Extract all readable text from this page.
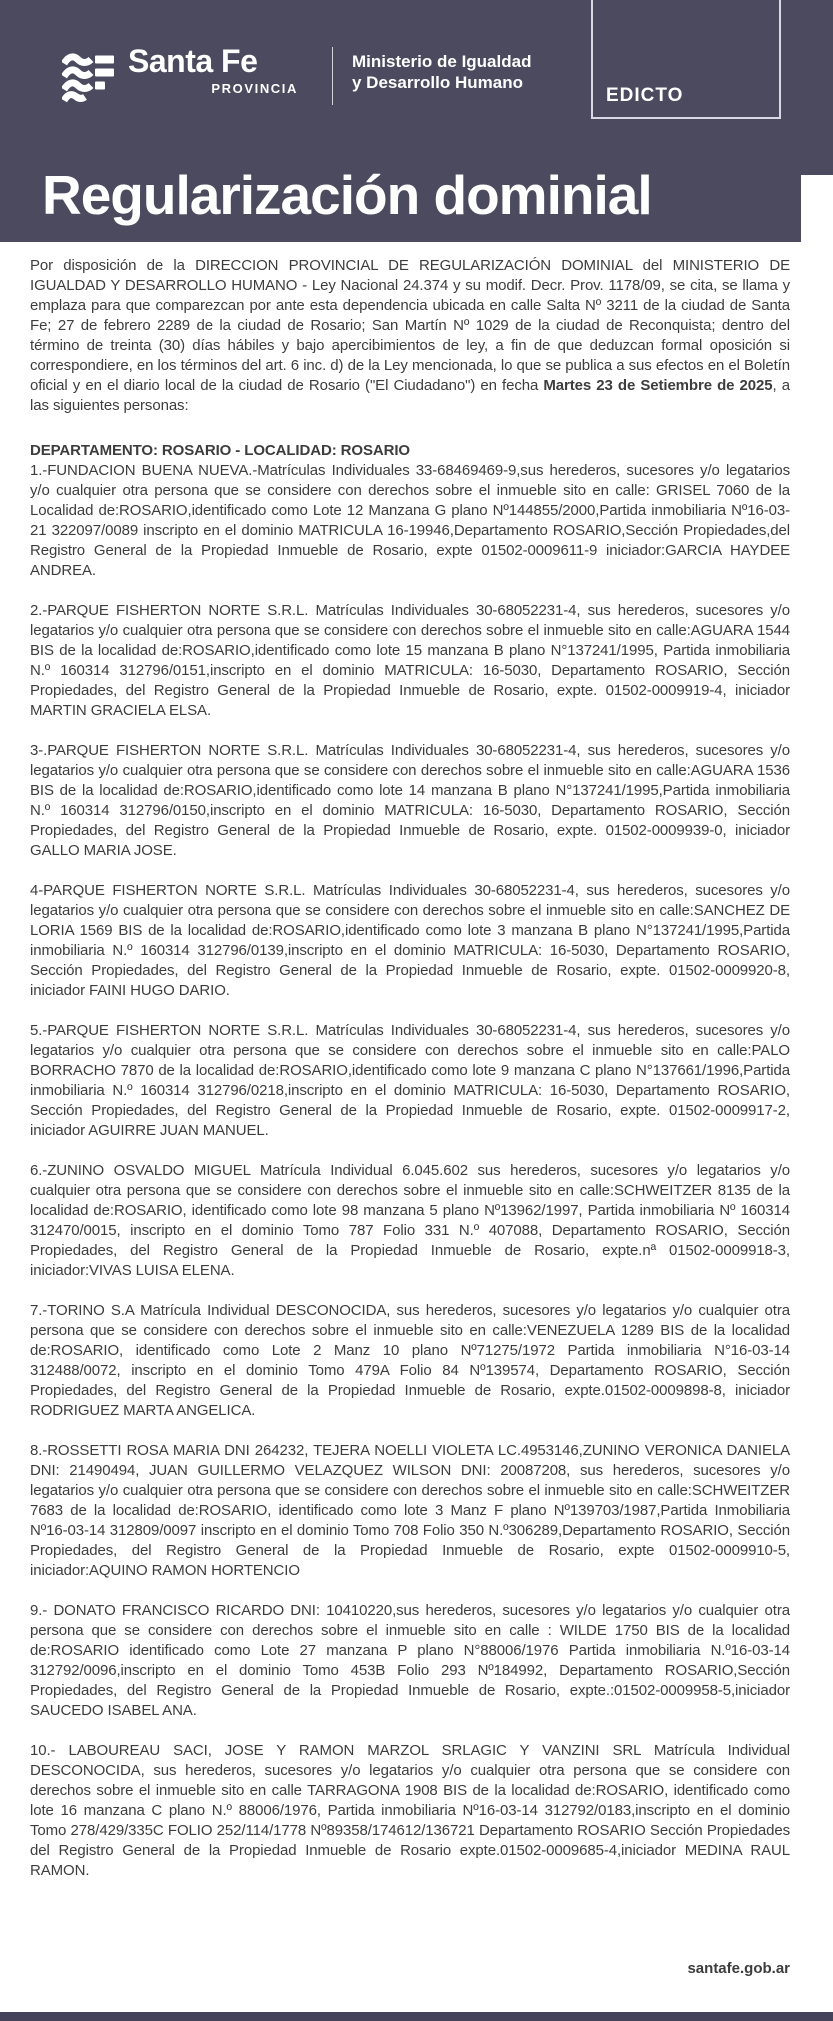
Santa Fe
PROVINCIA
Ministerio de Igualdad
y Desarrollo Humano
EDICTO
Regularización dominial

Por disposición de la DIRECCION PROVINCIAL DE REGULARIZACIÓN DOMINIAL del MINISTERIO DE IGUALDAD Y DESARROLLO HUMANO - Ley Nacional 24.374 y su modif. Decr. Prov. 1178/09, se cita, se llama y emplaza para que comparezcan por ante esta dependencia ubicada en calle Salta Nº 3211 de la ciudad de Santa Fe; 27 de febrero 2289 de la ciudad de Rosario; San Martín Nº 1029 de la ciudad de Reconquista; dentro del término de treinta (30) días hábiles y bajo apercibimientos de ley, a fin de que deduzcan formal oposición si correspondiere, en los términos del art. 6 inc. d) de la Ley mencionada, lo que se publica a sus efectos en el Boletín oficial y en el diario local de la ciudad de Rosario ("El Ciudadano") en fecha Martes 23 de Setiembre de 2025, a las siguientes personas:

DEPARTAMENTO: ROSARIO - LOCALIDAD: ROSARIO

1.-FUNDACION BUENA NUEVA.-Matrículas Individuales 33-68469469-9,sus herederos, sucesores y/o legatarios y/o cualquier otra persona que se considere con derechos sobre el inmueble sito en calle: GRISEL 7060 de la Localidad de:ROSARIO,identificado como Lote 12 Manzana G plano Nº144855/2000,Partida inmobiliaria Nº16-03-21 322097/0089 inscripto en el dominio MATRICULA 16-19946,Departamento ROSARIO,Sección Propiedades,del Registro General de la Propiedad Inmueble de Rosario, expte 01502-0009611-9 iniciador:GARCIA HAYDEE ANDREA.

2.-PARQUE FISHERTON NORTE S.R.L. Matrículas Individuales 30-68052231-4, sus herederos, sucesores y/o legatarios y/o cualquier otra persona que se considere con derechos sobre el inmueble sito en calle:AGUARA 1544 BIS de la localidad de:ROSARIO,identificado como lote 15 manzana B plano N°137241/1995, Partida inmobiliaria N.º 160314 312796/0151,inscripto en el dominio MATRICULA: 16-5030, Departamento ROSARIO, Sección Propiedades, del Registro General de la Propiedad Inmueble de Rosario, expte. 01502-0009919-4, iniciador MARTIN GRACIELA ELSA.

3-.PARQUE FISHERTON NORTE S.R.L. Matrículas Individuales 30-68052231-4, sus herederos, sucesores y/o legatarios y/o cualquier otra persona que se considere con derechos sobre el inmueble sito en calle:AGUARA 1536 BIS de la localidad de:ROSARIO,identificado como lote 14 manzana B plano N°137241/1995,Partida inmobiliaria N.º 160314 312796/0150,inscripto en el dominio MATRICULA: 16-5030, Departamento ROSARIO, Sección Propiedades, del Registro General de la Propiedad Inmueble de Rosario, expte. 01502-0009939-0, iniciador GALLO MARIA JOSE.

4-PARQUE FISHERTON NORTE S.R.L. Matrículas Individuales 30-68052231-4, sus herederos, sucesores y/o legatarios y/o cualquier otra persona que se considere con derechos sobre el inmueble sito en calle:SANCHEZ DE LORIA 1569 BIS de la localidad de:ROSARIO,identificado como lote 3 manzana B plano N°137241/1995,Partida inmobiliaria N.º 160314 312796/0139,inscripto en el dominio MATRICULA: 16-5030, Departamento ROSARIO, Sección Propiedades, del Registro General de la Propiedad Inmueble de Rosario, expte. 01502-0009920-8, iniciador FAINI HUGO DARIO.

5.-PARQUE FISHERTON NORTE S.R.L. Matrículas Individuales 30-68052231-4, sus herederos, sucesores y/o legatarios y/o cualquier otra persona que se considere con derechos sobre el inmueble sito en calle:PALO BORRACHO 7870 de la localidad de:ROSARIO,identificado como lote 9 manzana C plano N°137661/1996,Partida inmobiliaria N.º 160314 312796/0218,inscripto en el dominio MATRICULA: 16-5030, Departamento ROSARIO, Sección Propiedades, del Registro General de la Propiedad Inmueble de Rosario, expte. 01502-0009917-2, iniciador AGUIRRE JUAN MANUEL.

6.-ZUNINO OSVALDO MIGUEL Matrícula Individual 6.045.602 sus herederos, sucesores y/o legatarios y/o cualquier otra persona que se considere con derechos sobre el inmueble sito en calle:SCHWEITZER 8135 de la localidad de:ROSARIO, identificado como lote 98 manzana 5 plano Nº13962/1997, Partida inmobiliaria Nº 160314 312470/0015, inscripto en el dominio Tomo 787 Folio 331 N.º 407088, Departamento ROSARIO, Sección Propiedades, del Registro General de la Propiedad Inmueble de Rosario, expte.nª 01502-0009918-3, iniciador:VIVAS LUISA ELENA.

7.-TORINO S.A Matrícula Individual DESCONOCIDA, sus herederos, sucesores y/o legatarios y/o cualquier otra persona que se considere con derechos sobre el inmueble sito en calle:VENEZUELA 1289 BIS de la localidad de:ROSARIO, identificado como Lote 2 Manz 10 plano Nº71275/1972 Partida inmobiliaria N°16-03-14 312488/0072, inscripto en el dominio Tomo 479A Folio 84 Nº139574, Departamento ROSARIO, Sección Propiedades, del Registro General de la Propiedad Inmueble de Rosario, expte.01502-0009898-8, iniciador RODRIGUEZ MARTA ANGELICA.

8.-ROSSETTI ROSA MARIA DNI 264232, TEJERA NOELLI VIOLETA LC.4953146,ZUNINO VERONICA DANIELA DNI: 21490494, JUAN GUILLERMO VELAZQUEZ WILSON DNI: 20087208, sus herederos, sucesores y/o legatarios y/o cualquier otra persona que se considere con derechos sobre el inmueble sito en calle:SCHWEITZER 7683 de la localidad de:ROSARIO, identificado como lote 3 Manz F plano Nº139703/1987,Partida Inmobiliaria Nº16-03-14 312809/0097 inscripto en el dominio Tomo 708 Folio 350 N.º306289,Departamento ROSARIO, Sección Propiedades, del Registro General de la Propiedad Inmueble de Rosario, expte 01502-0009910-5, iniciador:AQUINO RAMON HORTENCIO

9.- DONATO FRANCISCO RICARDO DNI: 10410220,sus herederos, sucesores y/o legatarios y/o cualquier otra persona que se considere con derechos sobre el inmueble sito en calle : WILDE 1750 BIS de la localidad de:ROSARIO identificado como Lote 27 manzana P plano N°88006/1976 Partida inmobiliaria N.º16-03-14 312792/0096,inscripto en el dominio Tomo 453B Folio 293 Nº184992, Departamento ROSARIO,Sección Propiedades, del Registro General de la Propiedad Inmueble de Rosario, expte.:01502-0009958-5,iniciador SAUCEDO ISABEL ANA.

10.- LABOUREAU SACI, JOSE Y RAMON MARZOL SRLAGIC Y VANZINI SRL Matrícula Individual DESCONOCIDA, sus herederos, sucesores y/o legatarios y/o cualquier otra persona que se considere con derechos sobre el inmueble sito en calle TARRAGONA 1908 BIS de la localidad de:ROSARIO, identificado como lote 16 manzana C plano N.º 88006/1976, Partida inmobiliaria Nº16-03-14 312792/0183,inscripto en el dominio Tomo 278/429/335C FOLIO 252/114/1778 Nº89358/174612/136721 Departamento ROSARIO Sección Propiedades del Registro General de la Propiedad Inmueble de Rosario expte.01502-0009685-4,iniciador MEDINA RAUL RAMON.

santafe.gob.ar
